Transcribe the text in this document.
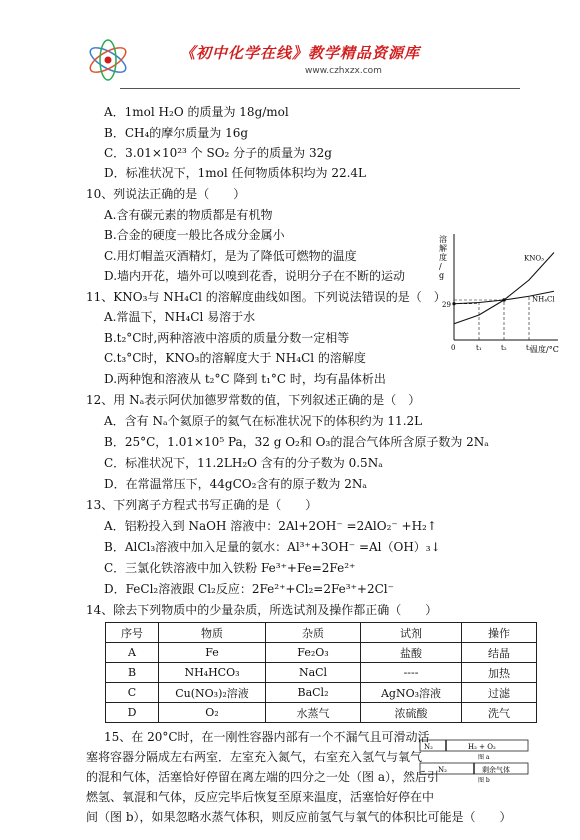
《初中化学在线》教学精品资源库
www.czhxzx.com
A．1mol H₂O 的质量为 18g/mol
B．CH₄的摩尔质量为 16g
C．3.01×10²³ 个 SO₂ 分子的质量为 32g
D．标准状况下，1mol 任何物质体积均为 22.4L
10、列说法正确的是（　　）
A.含有碳元素的物质都是有机物
B.合金的硬度一般比各成分金属小
C.用灯帽盖灭酒精灯，是为了降低可燃物的温度
D.墙内开花，墙外可以嗅到花香，说明分子在不断的运动
11、KNO₃与 NH₄Cl 的溶解度曲线如图。下列说法错误的是（　）
A.常温下，NH₄Cl 易溶于水
B.t₂°C时,两种溶液中溶质的质量分数一定相等
C.t₃°C时，KNO₃的溶解度大于 NH₄Cl 的溶解度
D.两种饱和溶液从 t₂°C 降到 t₁°C 时，均有晶体析出
溶
解
度
/
g
温度/°C
KNO₃
NH₄Cl
0	t₁	t₂	t₃
29
12、用 Nₐ表示阿伏加德罗常数的值，下列叙述正确的是（　）
A．含有 Nₐ个氦原子的氦气在标准状况下的体积约为 11.2L
B．25°C，1.01×10⁵ Pa，32 g O₂和 O₃的混合气体所含原子数为 2Nₐ
C．标准状况下，11.2LH₂O 含有的分子数为 0.5Nₐ
D．在常温常压下，44gCO₂含有的原子数为 2Nₐ
13、下列离子方程式书写正确的是（　　）
A．铝粉投入到 NaOH 溶液中：2Al+2OH⁻ =2AlO₂⁻ +H₂↑
B．AlCl₃溶液中加入足量的氨水：Al³⁺+3OH⁻ =Al（OH）₃↓
C．三氯化铁溶液中加入铁粉 Fe³⁺+Fe=2Fe²⁺
序号	物质	杂质	试剂	操作
A	Fe	Fe₂O₃	盐酸	结晶
B	NH₄HCO₃	NaCl	----	加热
C	Cu(NO₃)₂溶液	BaCl₂	AgNO₃溶液	过滤
D	O₂	水蒸气	浓硫酸	洗气
15、在 20°C时，在一刚性容器内部有一个不漏气且可滑动活
塞将容器分隔成左右两室．左室充入氮气，右室充入氢气与氧气
的混和气体，活塞恰好停留在离左端的四分之一处（图 a），然后引
燃氢、氧混和气体，反应完毕后恢复至原来温度，活塞恰好停在中
间（图 b），如果忽略水蒸气体积，则反应前氢气与氧气的体积比可能是（　　）
N₂	H₂ + O₂
图 a
N₂	剩余气体
图 b
D．FeCl₂溶液跟 Cl₂反应：2Fe²⁺+Cl₂=2Fe³⁺+2Cl⁻
14、除去下列物质中的少量杂质，所选试剂及操作都正确（　　）
